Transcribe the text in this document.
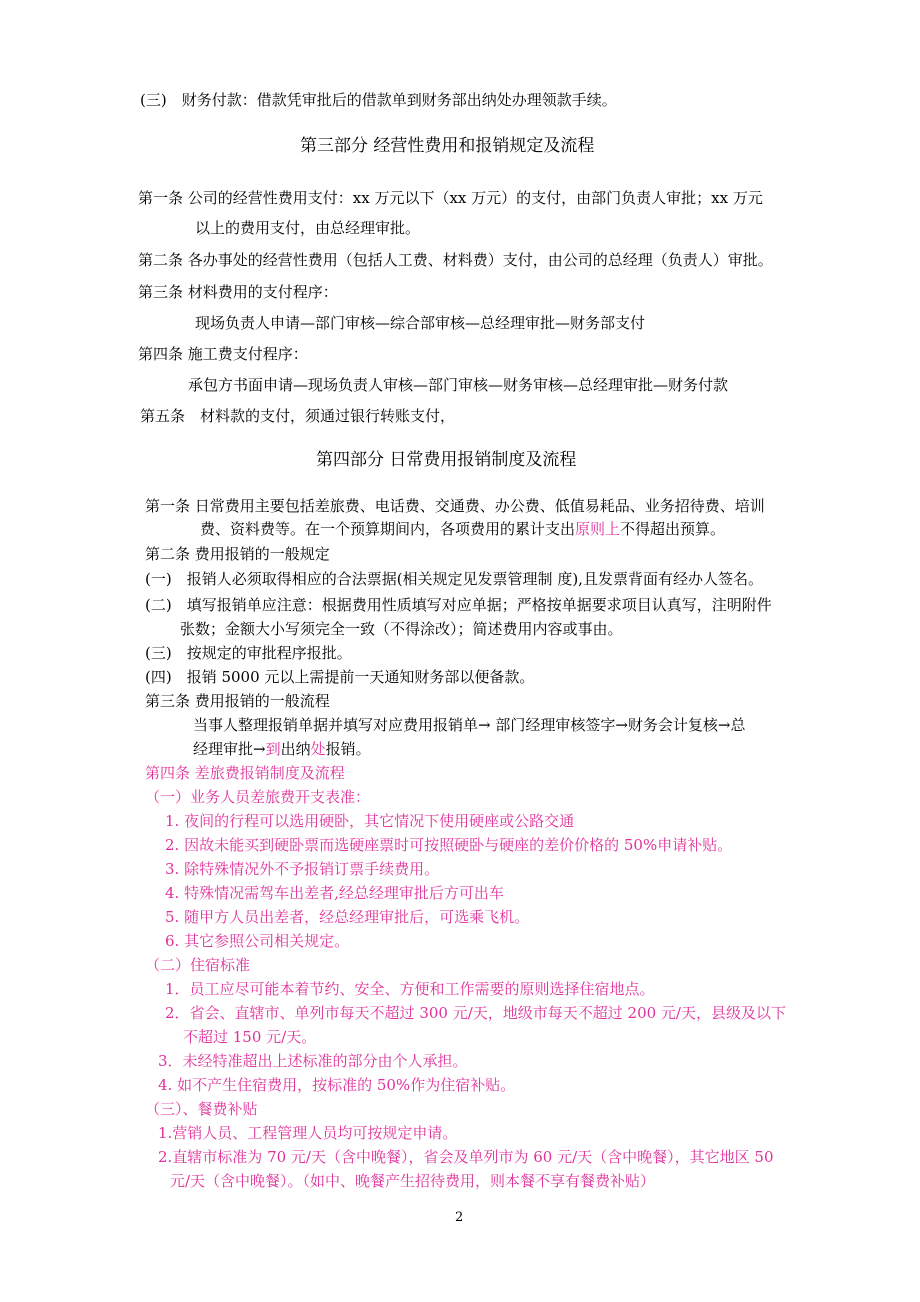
(三)　财务付款：借款凭审批后的借款单到财务部出纳处办理领款手续。
第三部分 经营性费用和报销规定及流程
第一条 公司的经营性费用支付：xx 万元以下（xx 万元）的支付，由部门负责人审批；xx 万元
以上的费用支付，由总经理审批。
第二条 各办事处的经营性费用（包括人工费、材料费）支付，由公司的总经理（负责人）审批。
第三条 材料费用的支付程序：
现场负责人申请—部门审核—综合部审核—总经理审批—财务部支付
第四条 施工费支付程序：
承包方书面申请—现场负责人审核—部门审核—财务审核—总经理审批—财务付款
第五条　材料款的支付，须通过银行转账支付，
第四部分 日常费用报销制度及流程
第一条 日常费用主要包括差旅费、电话费、交通费、办公费、低值易耗品、业务招待费、培训
费、资料费等。在一个预算期间内，各项费用的累计支出原则上不得超出预算。
第二条 费用报销的一般规定
(一)　报销人必须取得相应的合法票据(相关规定见发票管理制 度),且发票背面有经办人签名。
(二)　填写报销单应注意：根据费用性质填写对应单据；严格按单据要求项目认真写，注明附件
张数；金额大小写须完全一致（不得涂改）；简述费用内容或事由。
(三)　按规定的审批程序报批。
(四)　报销 5000 元以上需提前一天通知财务部以便备款。
第三条 费用报销的一般流程
当事人整理报销单据并填写对应费用报销单→ 部门经理审核签字→财务会计复核→总
经理审批→到出纳处报销。
第四条 差旅费报销制度及流程
（一）业务人员差旅费开支表准：
1. 夜间的行程可以选用硬卧，其它情况下使用硬座或公路交通
2. 因故未能买到硬卧票而选硬座票时可按照硬卧与硬座的差价价格的 50%申请补贴。
3. 除特殊情况外不予报销订票手续费用。
4. 特殊情况需驾车出差者,经总经理审批后方可出车
5. 随甲方人员出差者，经总经理审批后，可选乘飞机。
6. 其它参照公司相关规定。
（二）住宿标准
1．员工应尽可能本着节约、安全、方便和工作需要的原则选择住宿地点。
2．省会、直辖市、单列市每天不超过 300 元/天，地级市每天不超过 200 元/天，县级及以下
不超过 150 元/天。
3．未经特准超出上述标准的部分由个人承担。
4. 如不产生住宿费用，按标准的 50%作为住宿补贴。
（三）、餐费补贴
1.营销人员、工程管理人员均可按规定申请。
2.直辖市标准为 70 元/天（含中晚餐），省会及单列市为 60 元/天（含中晚餐），其它地区 50
元/天（含中晚餐）。（如中、晚餐产生招待费用，则本餐不享有餐费补贴）
2
